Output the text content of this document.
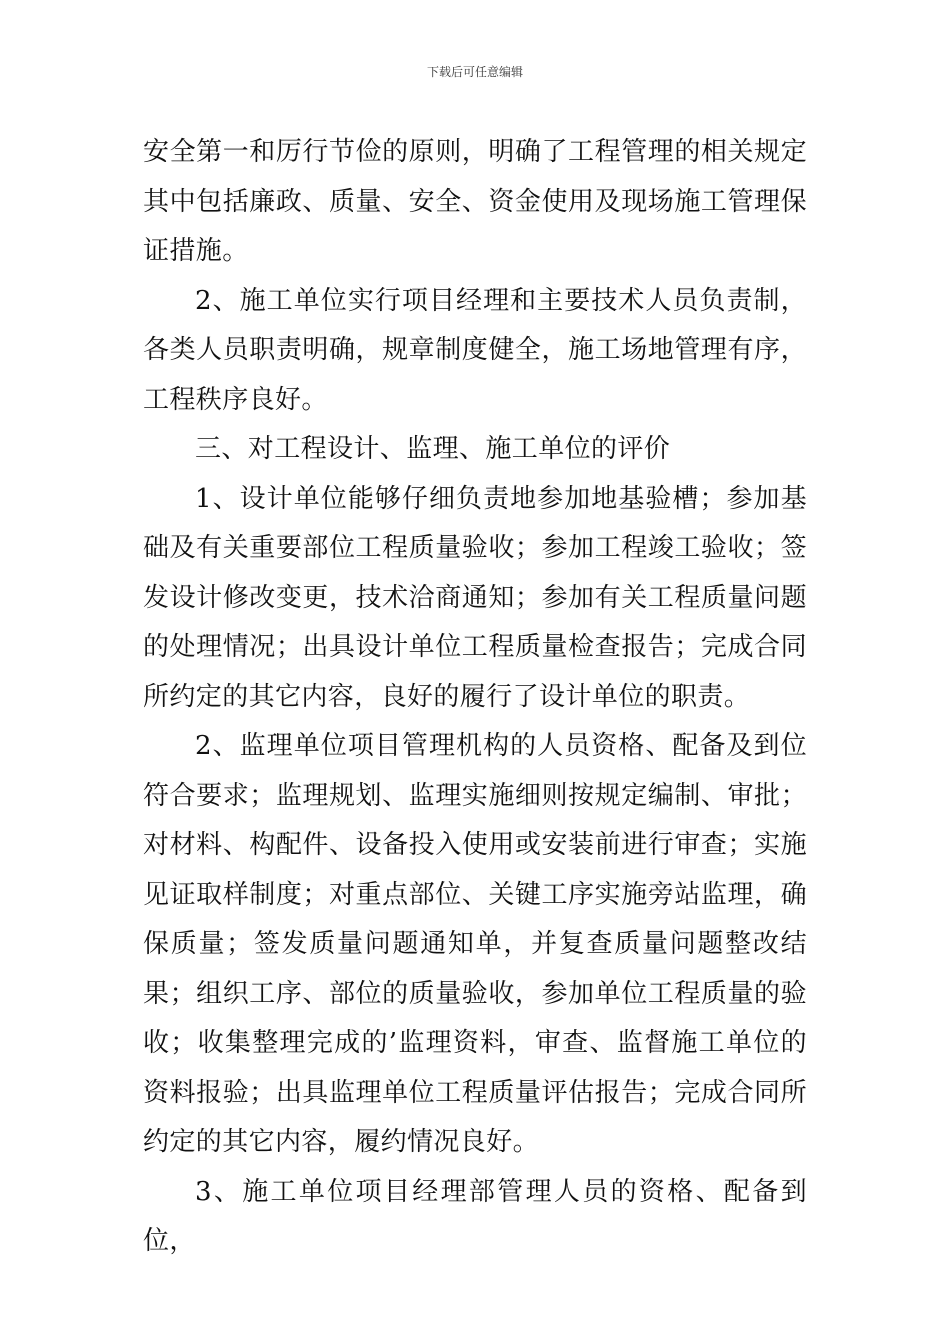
下载后可任意编辑

安全第一和厉行节俭的原则，明确了工程管理的相关规定其中包括廉政、质量、安全、资金使用及现场施工管理保证措施。

2、施工单位实行项目经理和主要技术人员负责制，各类人员职责明确，规章制度健全，施工场地管理有序，工程秩序良好。

三、对工程设计、监理、施工单位的评价

1、设计单位能够仔细负责地参加地基验槽；参加基础及有关重要部位工程质量验收；参加工程竣工验收；签发设计修改变更，技术洽商通知；参加有关工程质量问题的处理情况；出具设计单位工程质量检查报告；完成合同所约定的其它内容，良好的履行了设计单位的职责。

2、监理单位项目管理机构的人员资格、配备及到位符合要求；监理规划、监理实施细则按规定编制、审批；对材料、构配件、设备投入使用或安装前进行审查；实施见证取样制度；对重点部位、关键工序实施旁站监理，确保质量；签发质量问题通知单，并复查质量问题整改结果；组织工序、部位的质量验收，参加单位工程质量的验收；收集整理完成的’监理资料，审查、监督施工单位的资料报验；出具监理单位工程质量评估报告；完成合同所约定的其它内容，履约情况良好。

3、施工单位项目经理部管理人员的资格、配备到位，
